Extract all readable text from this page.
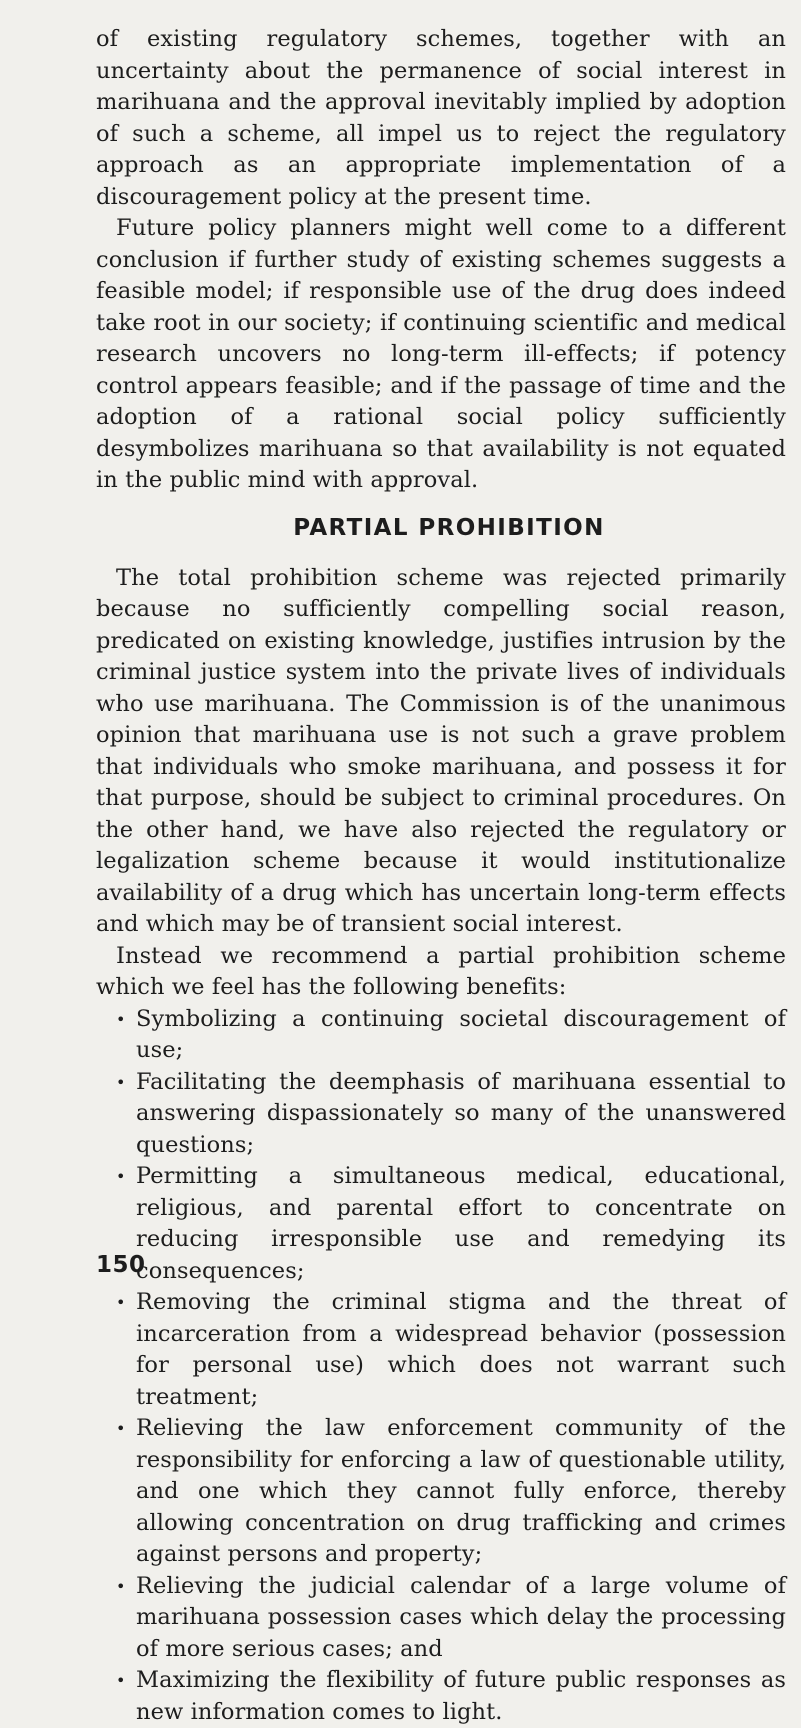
of existing regulatory schemes, together with an uncertainty about the permanence of social interest in marihuana and the approval inevitably implied by adoption of such a scheme, all impel us to reject the regulatory approach as an appropriate implementation of a discouragement policy at the present time.

Future policy planners might well come to a different conclusion if further study of existing schemes suggests a feasible model; if responsible use of the drug does indeed take root in our society; if continuing scientific and medical research uncovers no long-term ill-effects; if potency control appears feasible; and if the passage of time and the adoption of a rational social policy sufficiently desymbolizes marihuana so that availability is not equated in the public mind with approval.

PARTIAL PROHIBITION

The total prohibition scheme was rejected primarily because no sufficiently compelling social reason, predicated on existing knowledge, justifies intrusion by the criminal justice system into the private lives of individuals who use marihuana. The Commission is of the unanimous opinion that marihuana use is not such a grave problem that individuals who smoke marihuana, and possess it for that purpose, should be subject to criminal procedures. On the other hand, we have also rejected the regulatory or legalization scheme because it would institutionalize availability of a drug which has uncertain long-term effects and which may be of transient social interest.

Instead we recommend a partial prohibition scheme which we feel has the following benefits:

• Symbolizing a continuing societal discouragement of use;
• Facilitating the deemphasis of marihuana essential to answering dispassionately so many of the unanswered questions;
• Permitting a simultaneous medical, educational, religious, and parental effort to concentrate on reducing irresponsible use and remedying its consequences;
• Removing the criminal stigma and the threat of incarceration from a widespread behavior (possession for personal use) which does not warrant such treatment;
• Relieving the law enforcement community of the responsibility for enforcing a law of questionable utility, and one which they cannot fully enforce, thereby allowing concentration on drug trafficking and crimes against persons and property;
• Relieving the judicial calendar of a large volume of marihuana possession cases which delay the processing of more serious cases; and
• Maximizing the flexibility of future public responses as new information comes to light.
150
